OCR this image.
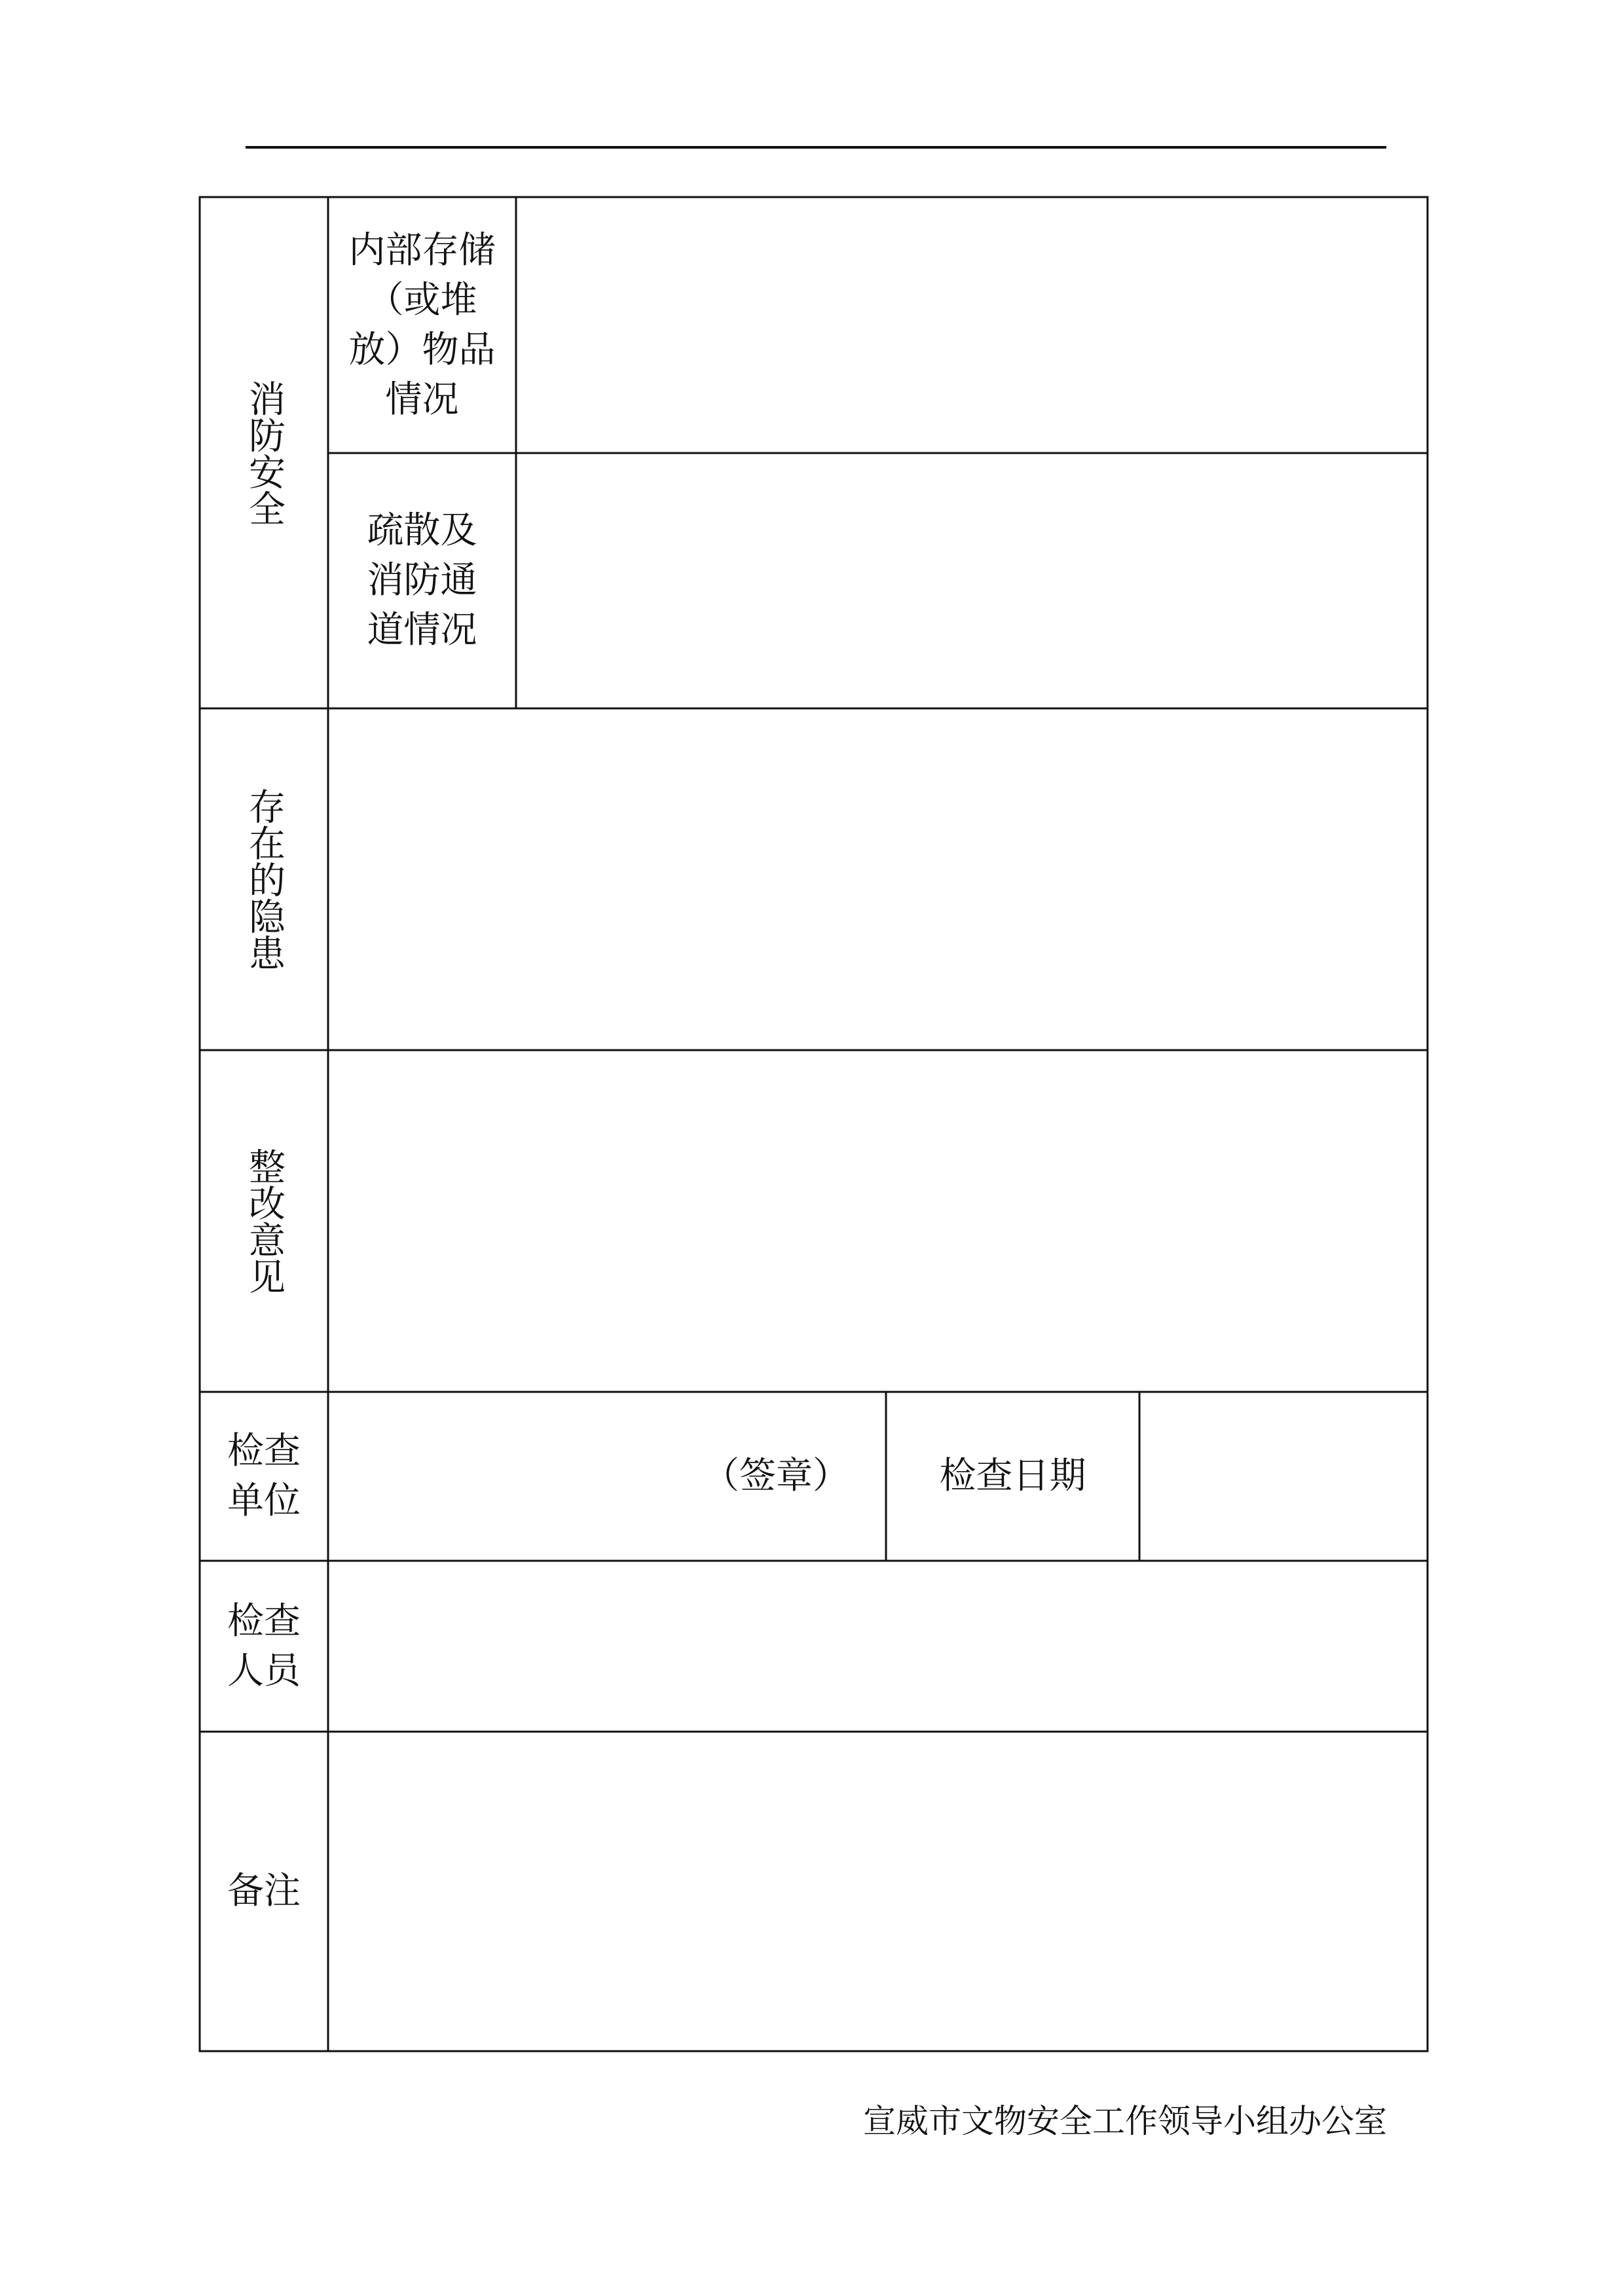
消防安全
内部存储（或堆放）物品情况
疏散及消防通道情况
存在的隐患
整改意见
检查单位
（签章） 检查日期
检查人员
备注
宣威市文物安全工作领导小组办公室
